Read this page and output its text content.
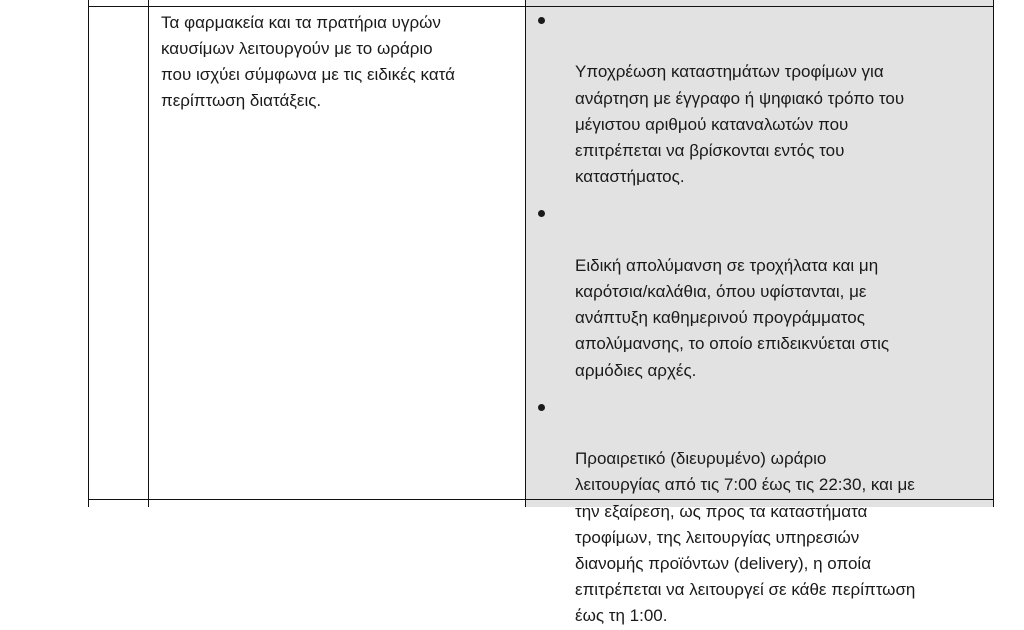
Τα φαρμακεία και τα πρατήρια υγρών
καυσίμων λειτουργούν με το ωράριο
που ισχύει σύμφωνα με τις ειδικές κατά
περίπτωση διατάξεις.

Υποχρέωση καταστημάτων τροφίμων για
ανάρτηση με έγγραφο ή ψηφιακό τρόπο του
μέγιστου αριθμού καταναλωτών που
επιτρέπεται να βρίσκονται εντός του
καταστήματος.

Ειδική απολύμανση σε τροχήλατα και μη
καρότσια/καλάθια, όπου υφίστανται, με
ανάπτυξη καθημερινού προγράμματος
απολύμανσης, το οποίο επιδεικνύεται στις
αρμόδιες αρχές.

Προαιρετικό (διευρυμένο) ωράριο
λειτουργίας από τις 7:00 έως τις 22:30, και με
την εξαίρεση, ως προς τα καταστήματα
τροφίμων, της λειτουργίας υπηρεσιών
διανομής προϊόντων (delivery), η οποία
επιτρέπεται να λειτουργεί σε κάθε περίπτωση
έως τη 1:00.
